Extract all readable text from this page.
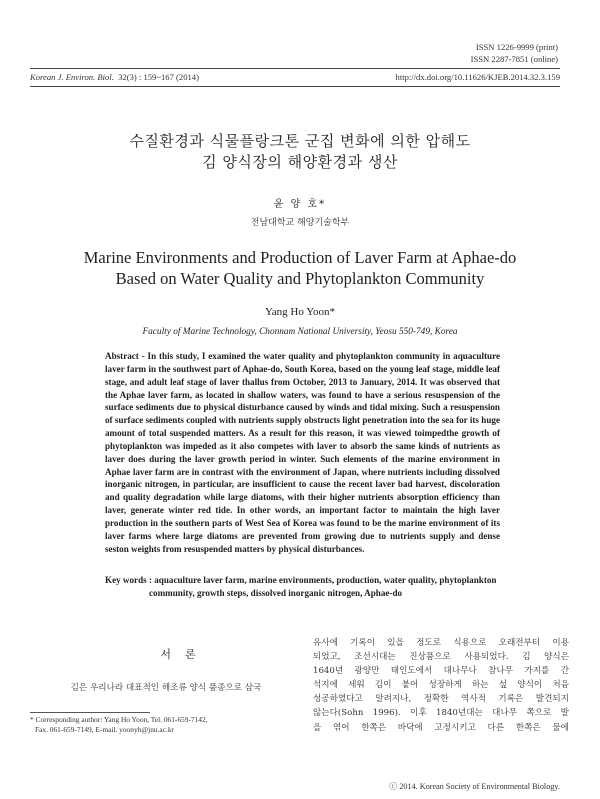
ISSN 1226-9999 (print)
ISSN 2287-7851 (online)
Korean J. Environ. Biol. 32(3) : 159~167 (2014)	http://dx.doi.org/10.11626/KJEB.2014.32.3.159
수질환경과 식물플랑크톤 군집 변화에 의한 압해도
김 양식장의 해양환경과 생산
윤 양 호*
전남대학교 해양기술학부
Marine Environments and Production of Laver Farm at Aphae-do
Based on Water Quality and Phytoplankton Community
Yang Ho Yoon*
Faculty of Marine Technology, Chonnam National University, Yeosu 550-749, Korea

Abstract - In this study, I examined the water quality and phytoplankton community in aquaculture laver farm in the southwest part of Aphae-do, South Korea, based on the young leaf stage, middle leaf stage, and adult leaf stage of laver thallus from October, 2013 to January, 2014. It was observed that the Aphae laver farm, as located in shallow waters, was found to have a serious resuspension of the surface sediments due to physical disturbance caused by winds and tidal mixing. Such a resuspension of surface sediments coupled with nutrients supply obstructs light penetration into the sea for its huge amount of total suspended matters. As a result for this reason, it was viewed toimpedthe growth of phytoplankton was impeded as it also competes with laver to absorb the same kinds of nutrients as laver does during the laver growth period in winter. Such elements of the marine environment in Aphae laver farm are in contrast with the environment of Japan, where nutrients including dissolved inorganic nitrogen, in particular, are insufficient to cause the recent laver bad harvest, discoloration and quality degradation while large diatoms, with their higher nutrients absorption efficiency than laver, generate winter red tide. In other words, an important factor to maintain the high laver production in the southern parts of West Sea of Korea was found to be the marine environment of its laver farms where large diatoms are prevented from growing due to nutrients supply and dense seston weights from resuspended matters by physical disturbances.

Key words : aquaculture laver farm, marine environments, production, water quality, phytoplankton community, growth steps, dissolved inorganic nitrogen, Aphae-do

서론

김은 우리나라 대표적인 해조류 양식 품종으로 삼국

* Corresponding author: Yang Ho Yoon, Tel. 061-659-7142,
Fax. 061-659-7149, E-mail. yoonyh@jnu.ac.kr
유사에 기록이 있을 정도로 식용으로 오래전부터 이용
되었고, 조선시대는 진상품으로 사용되었다. 김 양식은
1640년 광양만 태인도에서 대나무나 참나무 가지를 간
석지에 세워 김이 붙어 성장하게 하는 섶 양식이 처음
성공하였다고 알려지나, 정확한 역사적 기록은 발견되지
않는다(Sohn 1996). 이후 1840년대는 대나무 쪽으로 발
을 엮어 한쪽은 바닥에 고정시키고 다른 한쪽은 물에
ⓒ 2014. Korean Society of Environmental Biology.
